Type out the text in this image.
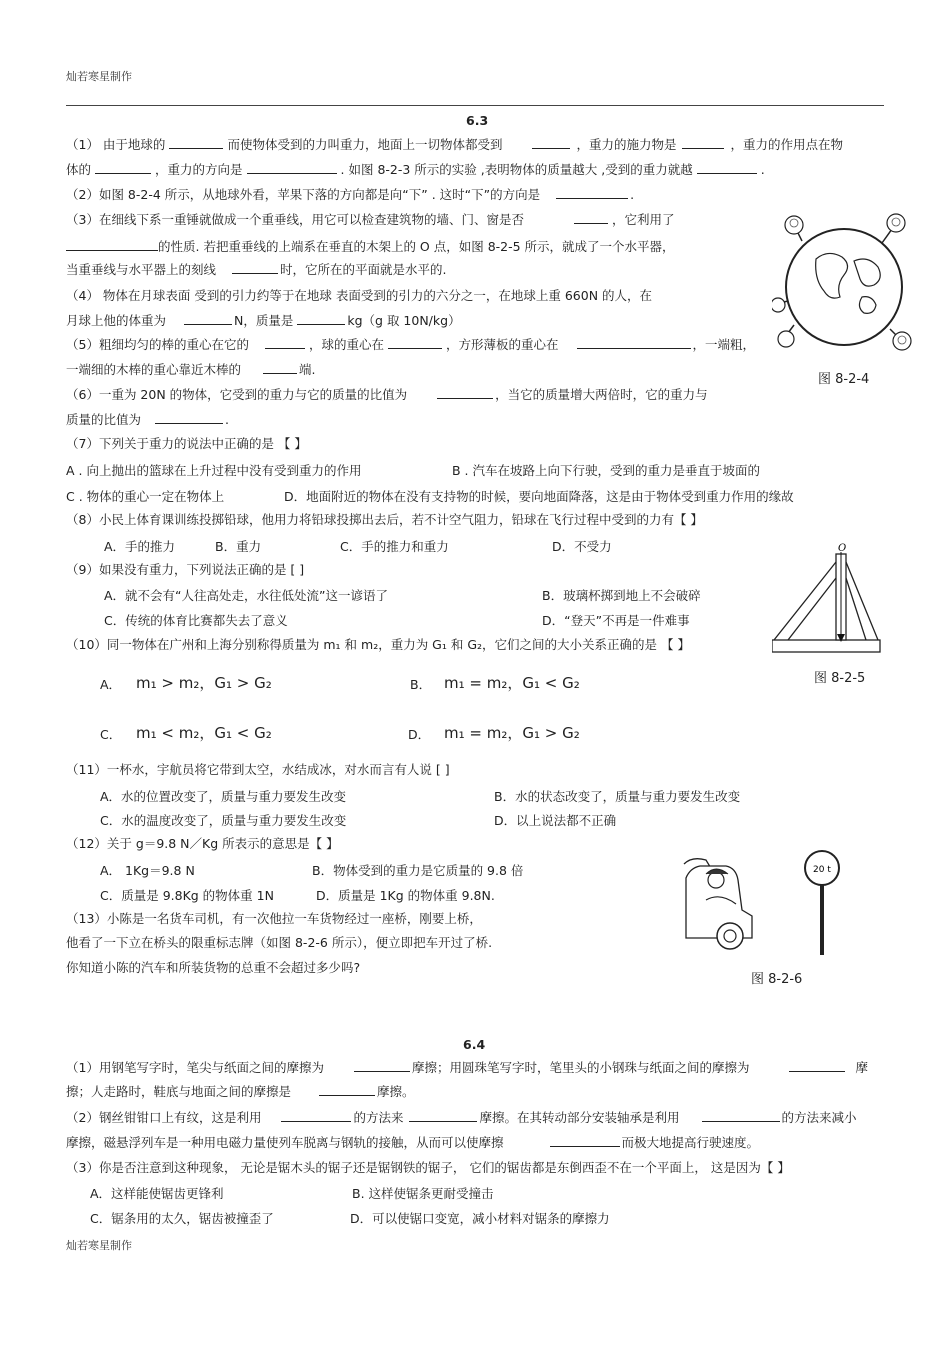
灿若寒星制作
6.3
（1） 由于地球的	而使物体受到的力叫重力，地面上一切物体都受到	，重力的施力物是	，重力的作用点在物
体的	，重力的方向是	. 如图 8-2-3 所示的实验 ,表明物体的质量越大 ,受到的重力就越	.
（2）如图 8-2-4 所示，从地球外看，苹果下落的方向都是向“下” . 这时“下”的方向是	.
（3）在细线下系一重锤就做成一个重垂线，用它可以检查建筑物的墙、门、窗是否	，它利用了
的性质. 若把重垂线的上端系在垂直的木架上的 O 点，如图 8-2-5 所示，就成了一个水平器，
当重垂线与水平器上的刻线	时，它所在的平面就是水平的.
（4） 物体在月球表面 受到的引力约等于在地球 表面受到的引力的六分之一，在地球上重 660N 的人，在
月球上他的体重为	N，质量是	kg（g 取 10N/kg）
（5）粗细均匀的棒的重心在它的	，球的重心在	，方形薄板的重心在	，一端粗，
一端细的木棒的重心靠近木棒的	端.
（6）一重为 20N 的物体，它受到的重力与它的质量的比值为	，当它的质量增大两倍时，它的重力与
质量的比值为	.
（7）下列关于重力的说法中正确的是 【 】
A . 向上抛出的篮球在上升过程中没有受到重力的作用	B . 汽车在坡路上向下行驶，受到的重力是垂直于坡面的
C . 物体的重心一定在物体上	D．地面附近的物体在没有支持物的时候，要向地面降落，这是由于物体受到重力作用的缘故
（8）小民上体育课训练投掷铅球，他用力将铅球投掷出去后，若不计空气阻力，铅球在飞行过程中受到的力有【 】
A．手的推力	B．重力	C．手的推力和重力	D．不受力
（9）如果没有重力，下列说法正确的是 [ ]
A．就不会有“人往高处走，水往低处流”这一谚语了	B．玻璃杯掷到地上不会破碎
C．传统的体育比赛都失去了意义	D．“登天”不再是一件难事
（10）同一物体在广州和上海分别称得质量为 m₁ 和 m₂，重力为 G₁ 和 G₂，它们之间的大小关系正确的是 【 】
A． m₁ > m₂，G₁ > G₂	B． m₁ = m₂，G₁ < G₂
C． m₁ < m₂，G₁ < G₂	D． m₁ = m₂，G₁ > G₂
（11）一杯水，宇航员将它带到太空，水结成冰，对水而言有人说 [ ]
A．水的位置改变了，质量与重力要发生改变	B．水的状态改变了，质量与重力要发生改变
C．水的温度改变了，质量与重力要发生改变	D．以上说法都不正确
（12）关于 g＝9.8 N／Kg 所表示的意思是【 】
A． 1Kg＝9.8 N	B．物体受到的重力是它质量的 9.8 倍
C．质量是 9.8Kg 的物体重 1N	D．质量是 1Kg 的物体重 9.8N.
（13）小陈是一名货车司机，有一次他拉一车货物经过一座桥，刚要上桥，
他看了一下立在桥头的限重标志牌（如图 8-2-6 所示），便立即把车开过了桥.
你知道小陈的汽车和所装货物的总重不会超过多少吗?
图 8-2-4
O
图 8-2-5
20 t
图 8-2-6
6.4
（1）用钢笔写字时，笔尖与纸面之间的摩擦为	摩擦；用圆珠笔写字时，笔里头的小钢珠与纸面之间的摩擦为	摩
擦；人走路时，鞋底与地面之间的摩擦是	摩擦。
（2）钢丝钳钳口上有纹，这是利用	的方法来	摩擦。在其转动部分安装轴承是利用	的方法来减小
摩擦，磁悬浮列车是一种用电磁力量使列车脱离与钢轨的接触，从而可以使摩擦	而极大地提高行驶速度。
（3）你是否注意到这种现象， 无论是锯木头的锯子还是锯钢铁的锯子， 它们的锯齿都是东倒西歪不在一个平面上， 这是因为【 】
A．这样能使锯齿更锋利	B. 这样使锯条更耐受撞击
C．锯条用的太久，锯齿被撞歪了	D．可以使锯口变宽，减小材料对锯条的摩擦力
灿若寒星制作
